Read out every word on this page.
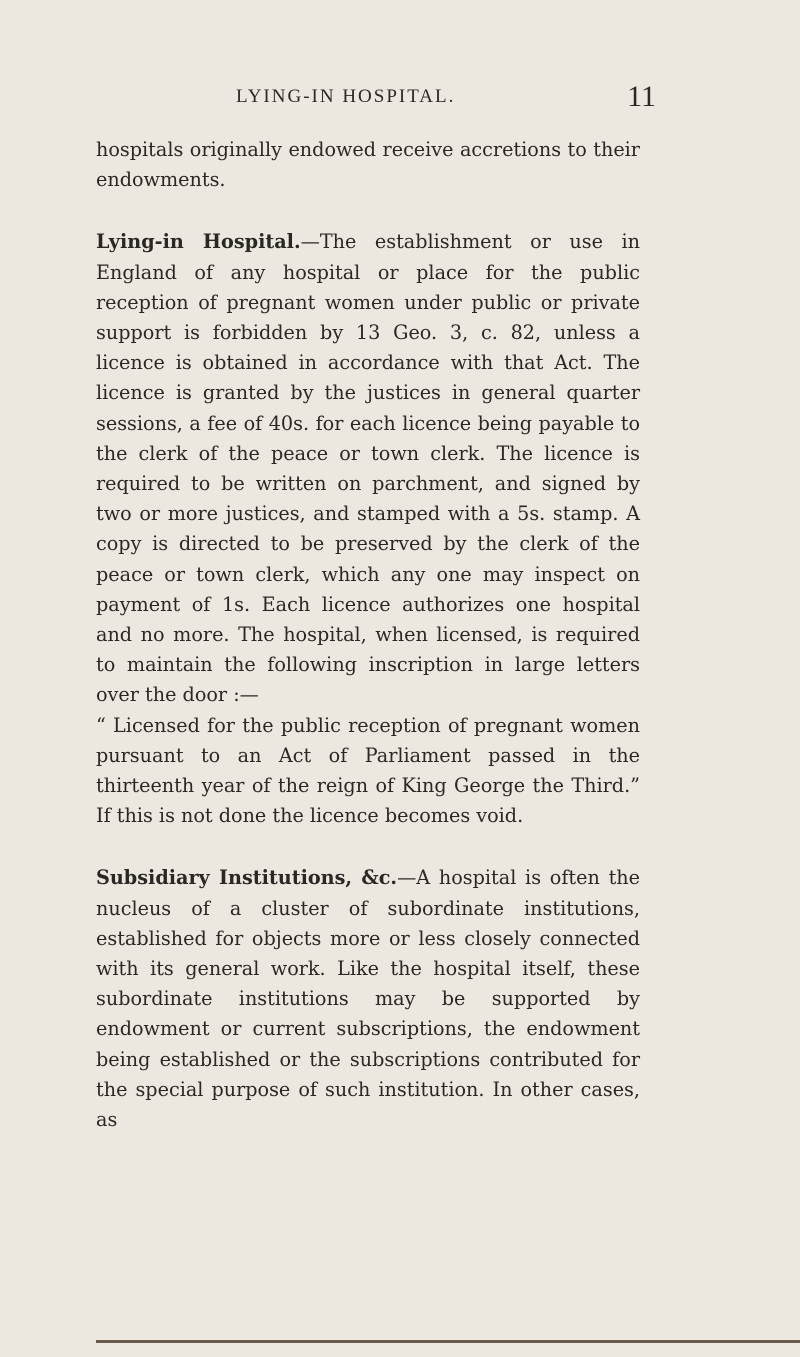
LYING-IN HOSPITAL.	11

hospitals originally endowed receive accretions to their endowments.

Lying-in Hospital.—The establishment or use in England of any hospital or place for the public reception of pregnant women under public or private support is forbidden by 13 Geo. 3, c. 82, unless a licence is obtained in accordance with that Act. The licence is granted by the justices in general quarter sessions, a fee of 40s. for each licence being payable to the clerk of the peace or town clerk. The licence is required to be written on parchment, and signed by two or more justices, and stamped with a 5s. stamp. A copy is directed to be preserved by the clerk of the peace or town clerk, which any one may inspect on payment of 1s. Each licence authorizes one hospital and no more. The hospital, when licensed, is required to maintain the following inscription in large letters over the door :—

“ Licensed for the public reception of pregnant women pursuant to an Act of Parliament passed in the thirteenth year of the reign of King George the Third.” If this is not done the licence becomes void.

Subsidiary Institutions, &c.—A hospital is often the nucleus of a cluster of subordinate institutions, established for objects more or less closely connected with its general work. Like the hospital itself, these subordinate institutions may be supported by endowment or current subscriptions, the endowment being established or the subscriptions contributed for the special purpose of such institution. In other cases, as
